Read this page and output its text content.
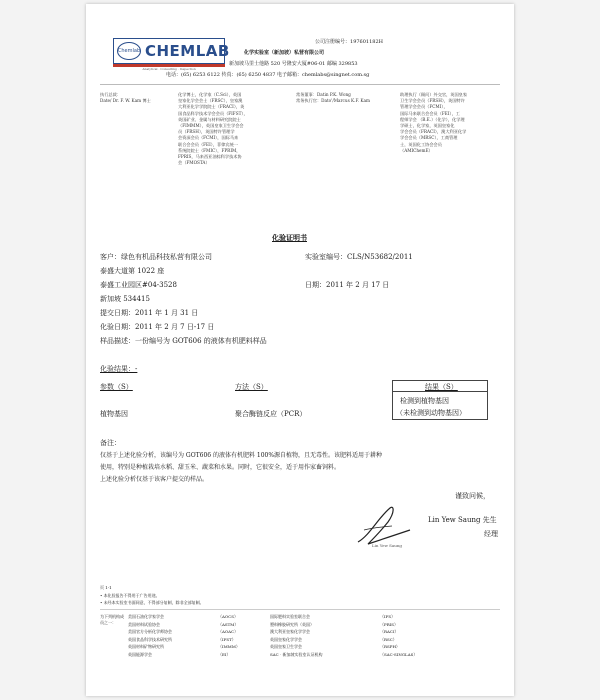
Chemlab CHEMLAB
Analytical · Consulting · Inspection
公司注册编号：197601182H
化学实验室（新加坡）私营有限公司
新加坡马里士他路 520 号隆安大厦#06-01 邮编 329853
电话：(65) 6253 6122 传真：(65) 6250 4837 电子邮箱：chemlabs@singnet.com.sg
执行总裁：
Date/ Dr. F. W. Kam 博士
化学博士，化学家（C.Sci），英国
皇家化学会会士（FRSC），皇家澳
大利亚化学学院院士（FRACI），英
国食品科学技术学会会员（FIFST），
英国矿业、金属与材料研究院院士
（FIMMM），英国皇家卫生学会会
员（FRSH），英国特许管理学
会资深会员（FCMI），国际马来
联合会会员（FEI），菲律宾统一
系统院院士（FMIC），FPRIM，
FPRIS，马来西亚油棕科学技术协
会（FMOSTA）
常务董事：Datin P.K. Wong
常务执行官：Dato'/Marcus K.F. Kam
助理执行（顾问）外交官，英国皇家
卫生学会会员（FRSH），英国特许
管理学会会员（FCMI），
国际马来联合会会员（FEI），工
程师学会 （B.E.）（化学），化学理
学硕士，化学家，英国皇家化
学会会员（FRACI），澳大利亚化学
学会会员（MRSC），工商管理
士，英国化工协会会员
（AMIChemE）
化验证明书
客户：绿色有机品科技私营有限公司
泰盛大道第 1022 座
泰盛工业园区#04-3528
新加坡 534415
实验室编号：CLS/N53682/2011
日期：2011 年 2 月 17 日
提交日期：2011 年 1 月 31 日
化验日期：2011 年 2 月 7 日-17 日
样品描述：一份编号为 GOT606 的液体有机肥料样品
化验结果：-
参数（S）	方法（S）	结果（S）
植物基因	聚合酶链反应（PCR）
检测到植物基因
（未检测到动物基因）
备注：
仅基于上述化验分析，该编号为 GOT606 的液体有机肥料 100%源自植物，且无毒性。该肥料适用于耕种
使用，特别是种植栽培水稻、甜玉米、蔬菜和水果。同时，它很安全，适于用作家畜饲料。
上述化验分析仅基于该客户提交的样品。
谨致问候，
Lin Yew Saung
Lin Yew Saung 先生
经理
页 1-1
• 本化验报告不得用于广告用途。
• 未经本实验室书面同意，不得部分复制，除非全部复制。
为下列机构成员之一：
美国石油化学家学会	（AOCS）	国际肥料实验室联合会	（IFS）
美国材料试验协会	（ASTM）	塑料橡胶研究所（英国）	（PRIS）
美国官方分析化学师协会	（AOAC）	澳大利亚皇家化学学会	（RACI）
英国食品科学技术研究所	（IFST）	英国皇家化学学会	（RSC）
英国材料矿物研究所	（IMMM）	英国皇家卫生学会	（RSPH）
英国能源学会	（EI）	SAC · 新加坡实验室认证机构	（SAC-SINGLAS）
